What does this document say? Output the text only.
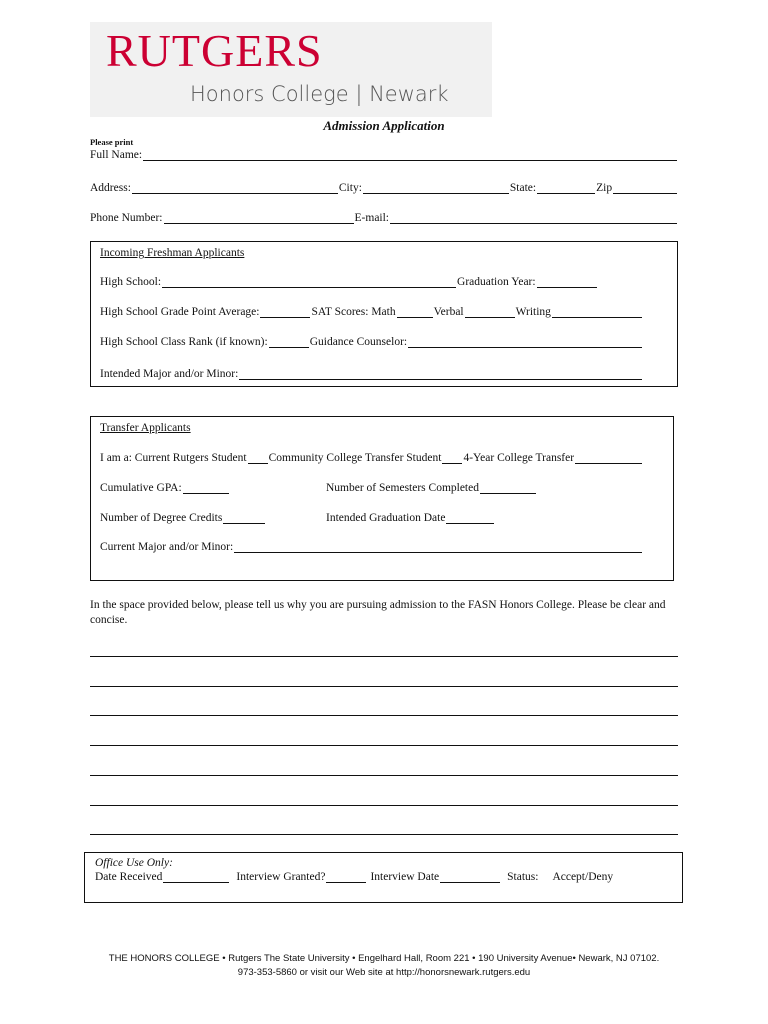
RUTGERS
Honors College | Newark
Admission Application
Please print
Full Name:
Address:	City:	State:	Zip
Phone Number:	E-mail:
Incoming Freshman Applicants
High School:	Graduation Year:
High School Grade Point Average:	SAT Scores: Math	Verbal	Writing
High School Class Rank (if known):	Guidance Counselor:
Intended Major and/or Minor:
Transfer Applicants
I am a: Current Rutgers Student Community College Transfer Student 4-Year College Transfer
Cumulative GPA:	Number of Semesters Completed
Number of Degree Credits	Intended Graduation Date
Current Major and/or Minor:
In the space provided below, please tell us why you are pursuing admission to the FASN Honors College. Please be clear and concise.
Office Use Only:
Date Received	Interview Granted?	Interview Date	Status: Accept/Deny
THE HONORS COLLEGE • Rutgers The State University • Engelhard Hall, Room 221 • 190 University Avenue• Newark, NJ 07102.
973-353-5860 or visit our Web site at http://honorsnewark.rutgers.edu
